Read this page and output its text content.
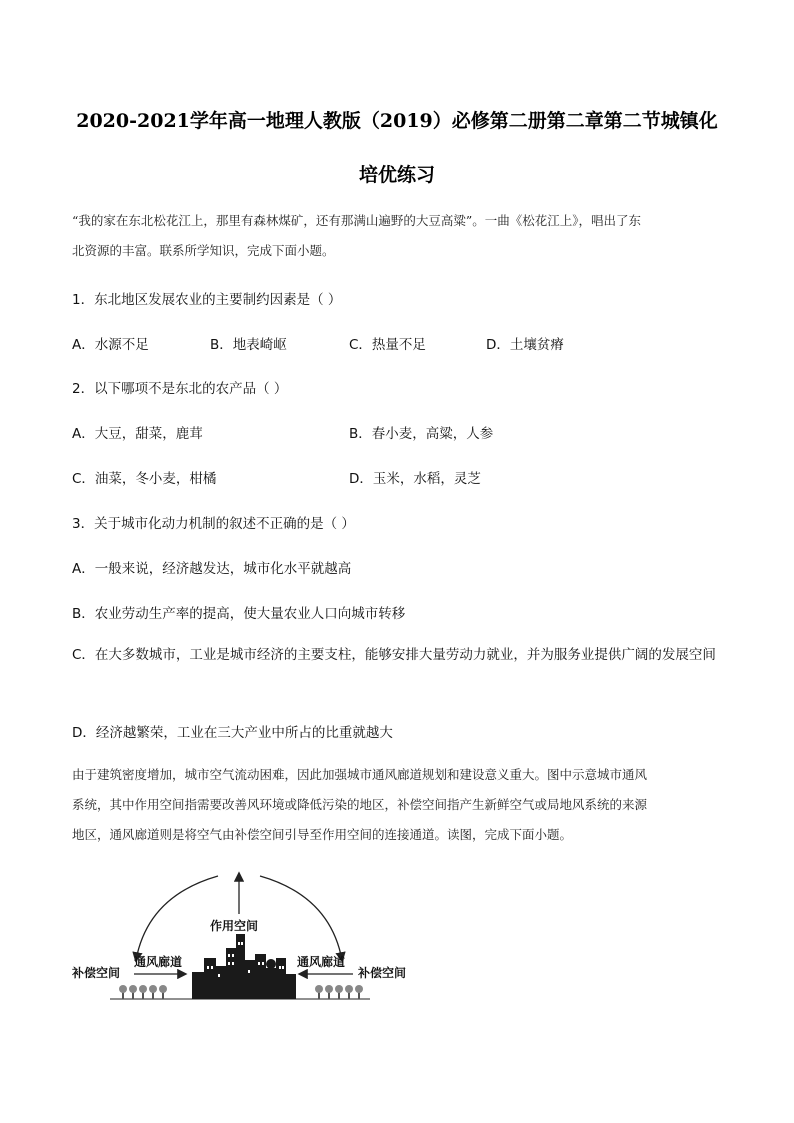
2020-2021学年高一地理人教版（2019）必修第二册第二章第二节城镇化
培优练习
“我的家在东北松花江上，那里有森林煤矿，还有那满山遍野的大豆高粱”。一曲《松花江上》，唱出了东
北资源的丰富。联系所学知识，完成下面小题。
1．东北地区发展农业的主要制约因素是（ ）
A．水源不足	B．地表崎岖	C．热量不足	D．土壤贫瘠
2．以下哪项不是东北的农产品（ ）
A．大豆，甜菜，鹿茸	B．春小麦，高粱，人参
C．油菜，冬小麦，柑橘	D．玉米，水稻，灵芝
3．关于城市化动力机制的叙述不正确的是（ ）
A．一般来说，经济越发达，城市化水平就越高
B．农业劳动生产率的提高，使大量农业人口向城市转移
C．在大多数城市，工业是城市经济的主要支柱，能够安排大量劳动力就业，并为服务业提供广阔的发展空间
D．经济越繁荣，工业在三大产业中所占的比重就越大
由于建筑密度增加，城市空气流动困难，因此加强城市通风廊道规划和建设意义重大。图中示意城市通风
系统，其中作用空间指需要改善风环境或降低污染的地区，补偿空间指产生新鲜空气或局地风系统的来源
地区，通风廊道则是将空气由补偿空间引导至作用空间的连接通道。读图，完成下面小题。
作用空间
通风廊道	通风廊道
补偿空间	补偿空间
